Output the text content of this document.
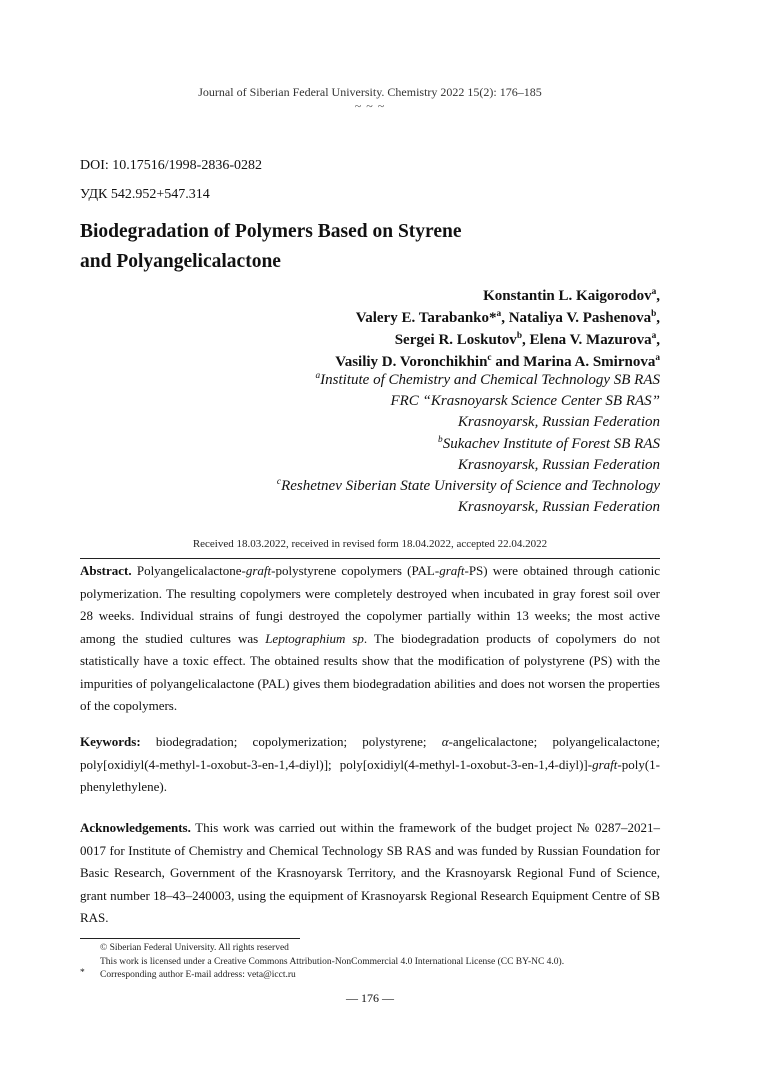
Journal of Siberian Federal University. Chemistry 2022 15(2): 176–185
~ ~ ~
DOI: 10.17516/1998-2836-0282
УДК 542.952+547.314
Biodegradation of Polymers Based on Styrene
and Polyangelicalactone
Konstantin L. Kaigorodov$^a$,
Valery E. Tarabanko*$^a$, Nataliya V. Pashenova$^b$,
Sergei R. Loskutov$^b$, Elena V. Mazurova$^a$,
Vasiliy D. Voronchikhin$^c$ and Marina A. Smirnova$^a$
$^a$Institute of Chemistry and Chemical Technology SB RAS
FRC “Krasnoyarsk Science Center SB RAS”
Krasnoyarsk, Russian Federation
$^b$Sukachev Institute of Forest SB RAS
Krasnoyarsk, Russian Federation
$^c$Reshetnev Siberian State University of Science and Technology
Krasnoyarsk, Russian Federation
Received 18.03.2022, received in revised form 18.04.2022, accepted 22.04.2022
Abstract. Polyangelicalactone-graft-polystyrene copolymers (PAL-graft-PS) were obtained through cationic polymerization. The resulting copolymers were completely destroyed when incubated in gray forest soil over 28 weeks. Individual strains of fungi destroyed the copolymer partially within 13 weeks; the most active among the studied cultures was Leptographium sp. The biodegradation products of copolymers do not statistically have a toxic effect. The obtained results show that the modification of polystyrene (PS) with the impurities of polyangelicalactone (PAL) gives them biodegradation abilities and does not worsen the properties of the copolymers.
Keywords: biodegradation; copolymerization; polystyrene; α-angelicalactone; polyangelicalactone; poly[oxidiyl(4-methyl-1-oxobut-3-en-1,4-diyl)]; poly[oxidiyl(4-methyl-1-oxobut-3-en-1,4-diyl)]-graft-poly(1-phenylethylene).
Acknowledgements. This work was carried out within the framework of the budget project № 0287–2021–0017 for Institute of Chemistry and Chemical Technology SB RAS and was funded by Russian Foundation for Basic Research, Government of the Krasnoyarsk Territory, and the Krasnoyarsk Regional Fund of Science, grant number 18–43–240003, using the equipment of Krasnoyarsk Regional Research Equipment Centre of SB RAS.
© Siberian Federal University. All rights reserved
This work is licensed under a Creative Commons Attribution-NonCommercial 4.0 International License (CC BY-NC 4.0).
* Corresponding author E-mail address: veta@icct.ru
― 176 ―
